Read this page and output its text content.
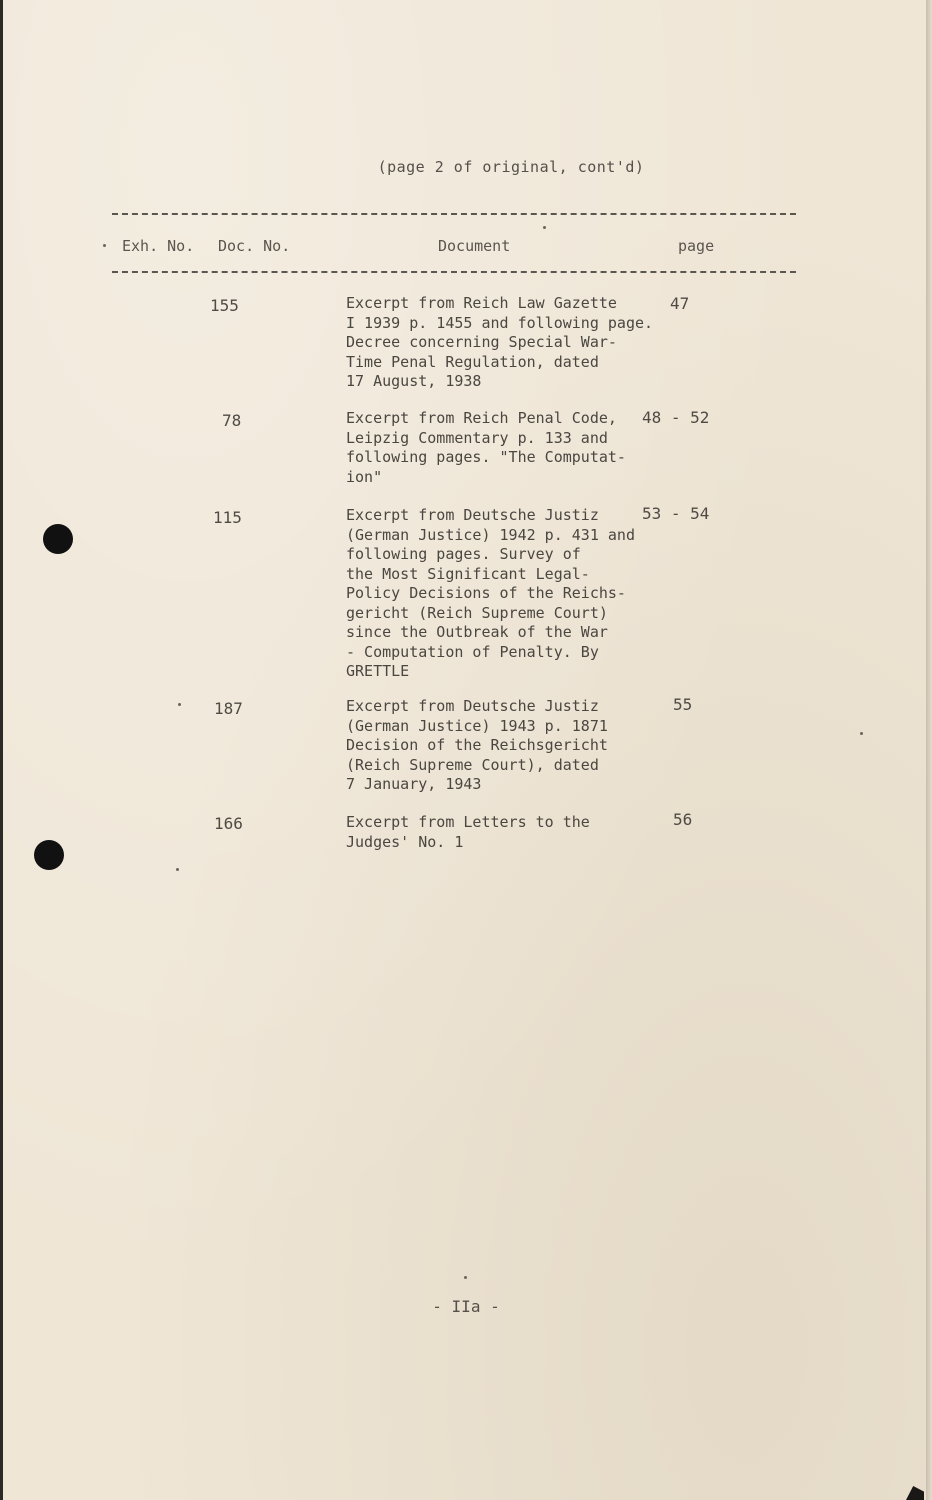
(page 2 of original, cont'd)
Exh. No. Doc. No.	Document	page
155	Excerpt from Reich Law Gazette
I 1939 p. 1455 and following page.
Decree concerning Special War-
Time Penal Regulation, dated
17 August, 1938
47
78	Excerpt from Reich Penal Code,
Leipzig Commentary p. 133 and
following pages. "The Computat-
ion"
48 - 52
115	Excerpt from Deutsche Justiz
(German Justice) 1942 p. 431 and
following pages. Survey of
the Most Significant Legal-
Policy Decisions of the Reichs-
gericht (Reich Supreme Court)
since the Outbreak of the War
- Computation of Penalty. By
GRETTLE
53 - 54
187	Excerpt from Deutsche Justiz
(German Justice) 1943 p. 1871
Decision of the Reichsgericht
(Reich Supreme Court), dated
7 January, 1943
55
166	Excerpt from Letters to the
Judges' No. 1
56
- IIa -
